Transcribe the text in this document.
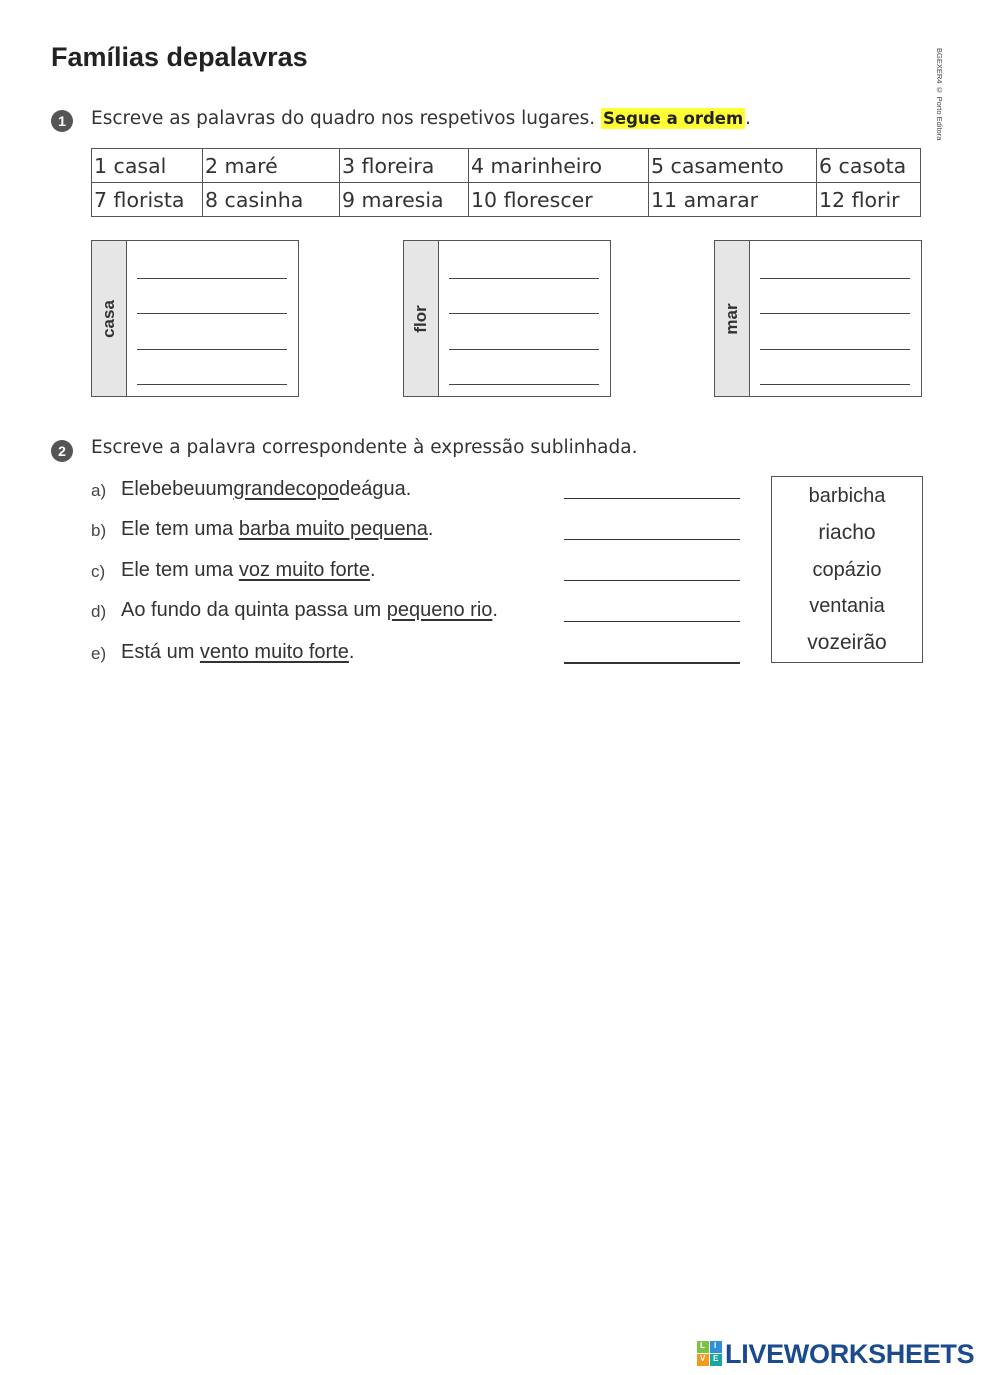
Famílias depalavras	BGEXER4 © Porto Editora
1	Escreve as palavras do quadro nos respetivos lugares. Segue a ordem .
1 casal	2 maré	3 floreira	4 marinheiro	5 casamento	6 casota
7 florista	8 casinha	9 maresia	10 florescer	11 amarar	12 florir
casa	flor	mar
2	Escreve a palavra correspondente à expressão sublinhada.
a) Elebebeuumgrandecopodeágua.
b) Ele tem uma barba muito pequena.
c) Ele tem uma voz muito forte.
d) Ao fundo da quinta passa um pequeno rio.
e) Está um vento muito forte.
barbicha
riacho
copázio
ventania
vozeirão
L I
V E LIVEWORKSHEETS
